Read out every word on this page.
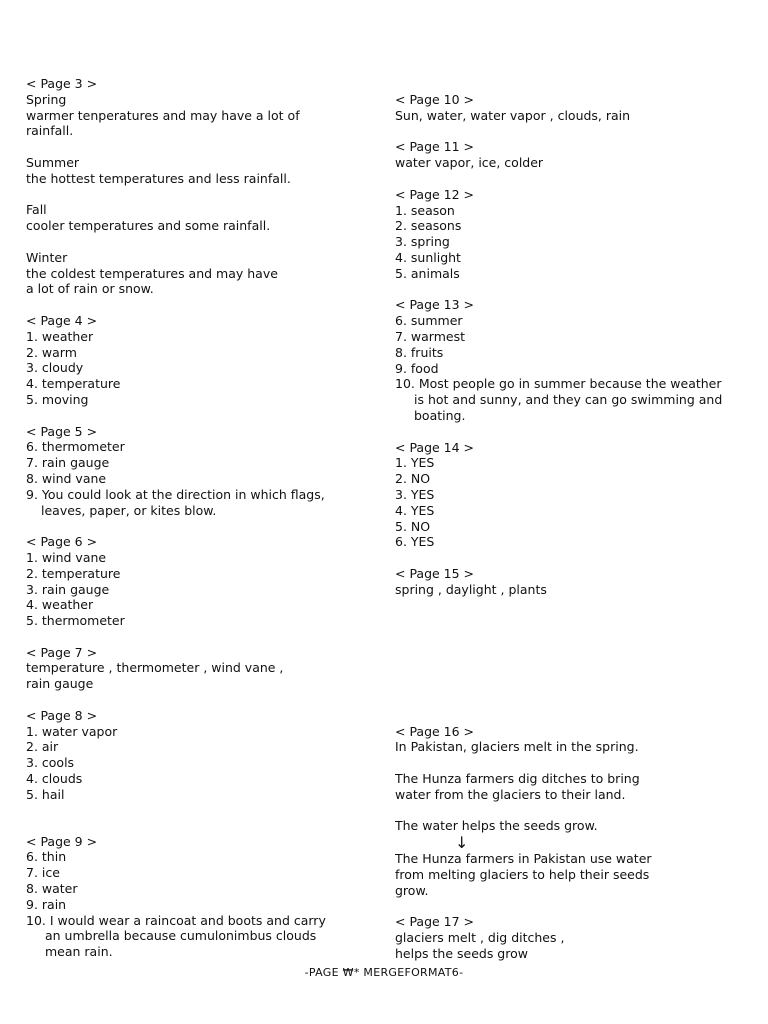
< Page 3 >
Spring
warmer tenperatures and may have a lot of rainfall.
Summer
the hottest temperatures and less rainfall.
Fall
cooler temperatures and some rainfall.
Winter
the coldest temperatures and may have
a lot of rain or snow.
< Page 4 >
1. weather
2. warm
3. cloudy
4. temperature
5. moving
< Page 5 >
6. thermometer
7. rain gauge
8. wind vane
9. You could look at the direction in which flags, leaves, paper, or kites blow.
< Page 6 >
1. wind vane
2. temperature
3. rain gauge
4. weather
5. thermometer
< Page 7 >
temperature , thermometer , wind vane ,
rain gauge
< Page 8 >
1. water vapor
2. air
3. cools
4. clouds
5. hail
< Page 9 >
6. thin
7. ice
8. water
9. rain
10. I would wear a raincoat and boots and carry an umbrella because cumulonimbus clouds mean rain.
< Page 10 >
Sun, water, water vapor , clouds, rain
< Page 11 >
water vapor, ice, colder
< Page 12 >
1. season
2. seasons
3. spring
4. sunlight
5. animals
< Page 13 >
6. summer
7. warmest
8. fruits
9. food
10. Most people go in summer because the weather is hot and sunny, and they can go swimming and boating.
< Page 14 >
1. YES
2. NO
3. YES
4. YES
5. NO
6. YES
< Page 15 >
spring , daylight , plants
< Page 16 >
In Pakistan, glaciers melt in the spring.
The Hunza farmers dig ditches to bring
water from the glaciers to their land.
The water helps the seeds grow.
↓
The Hunza farmers in Pakistan use water
from melting glaciers to help their seeds
grow.
< Page 17 >
glaciers melt , dig ditches ,
helps the seeds grow
-PAGE ₩* MERGEFORMAT6-
